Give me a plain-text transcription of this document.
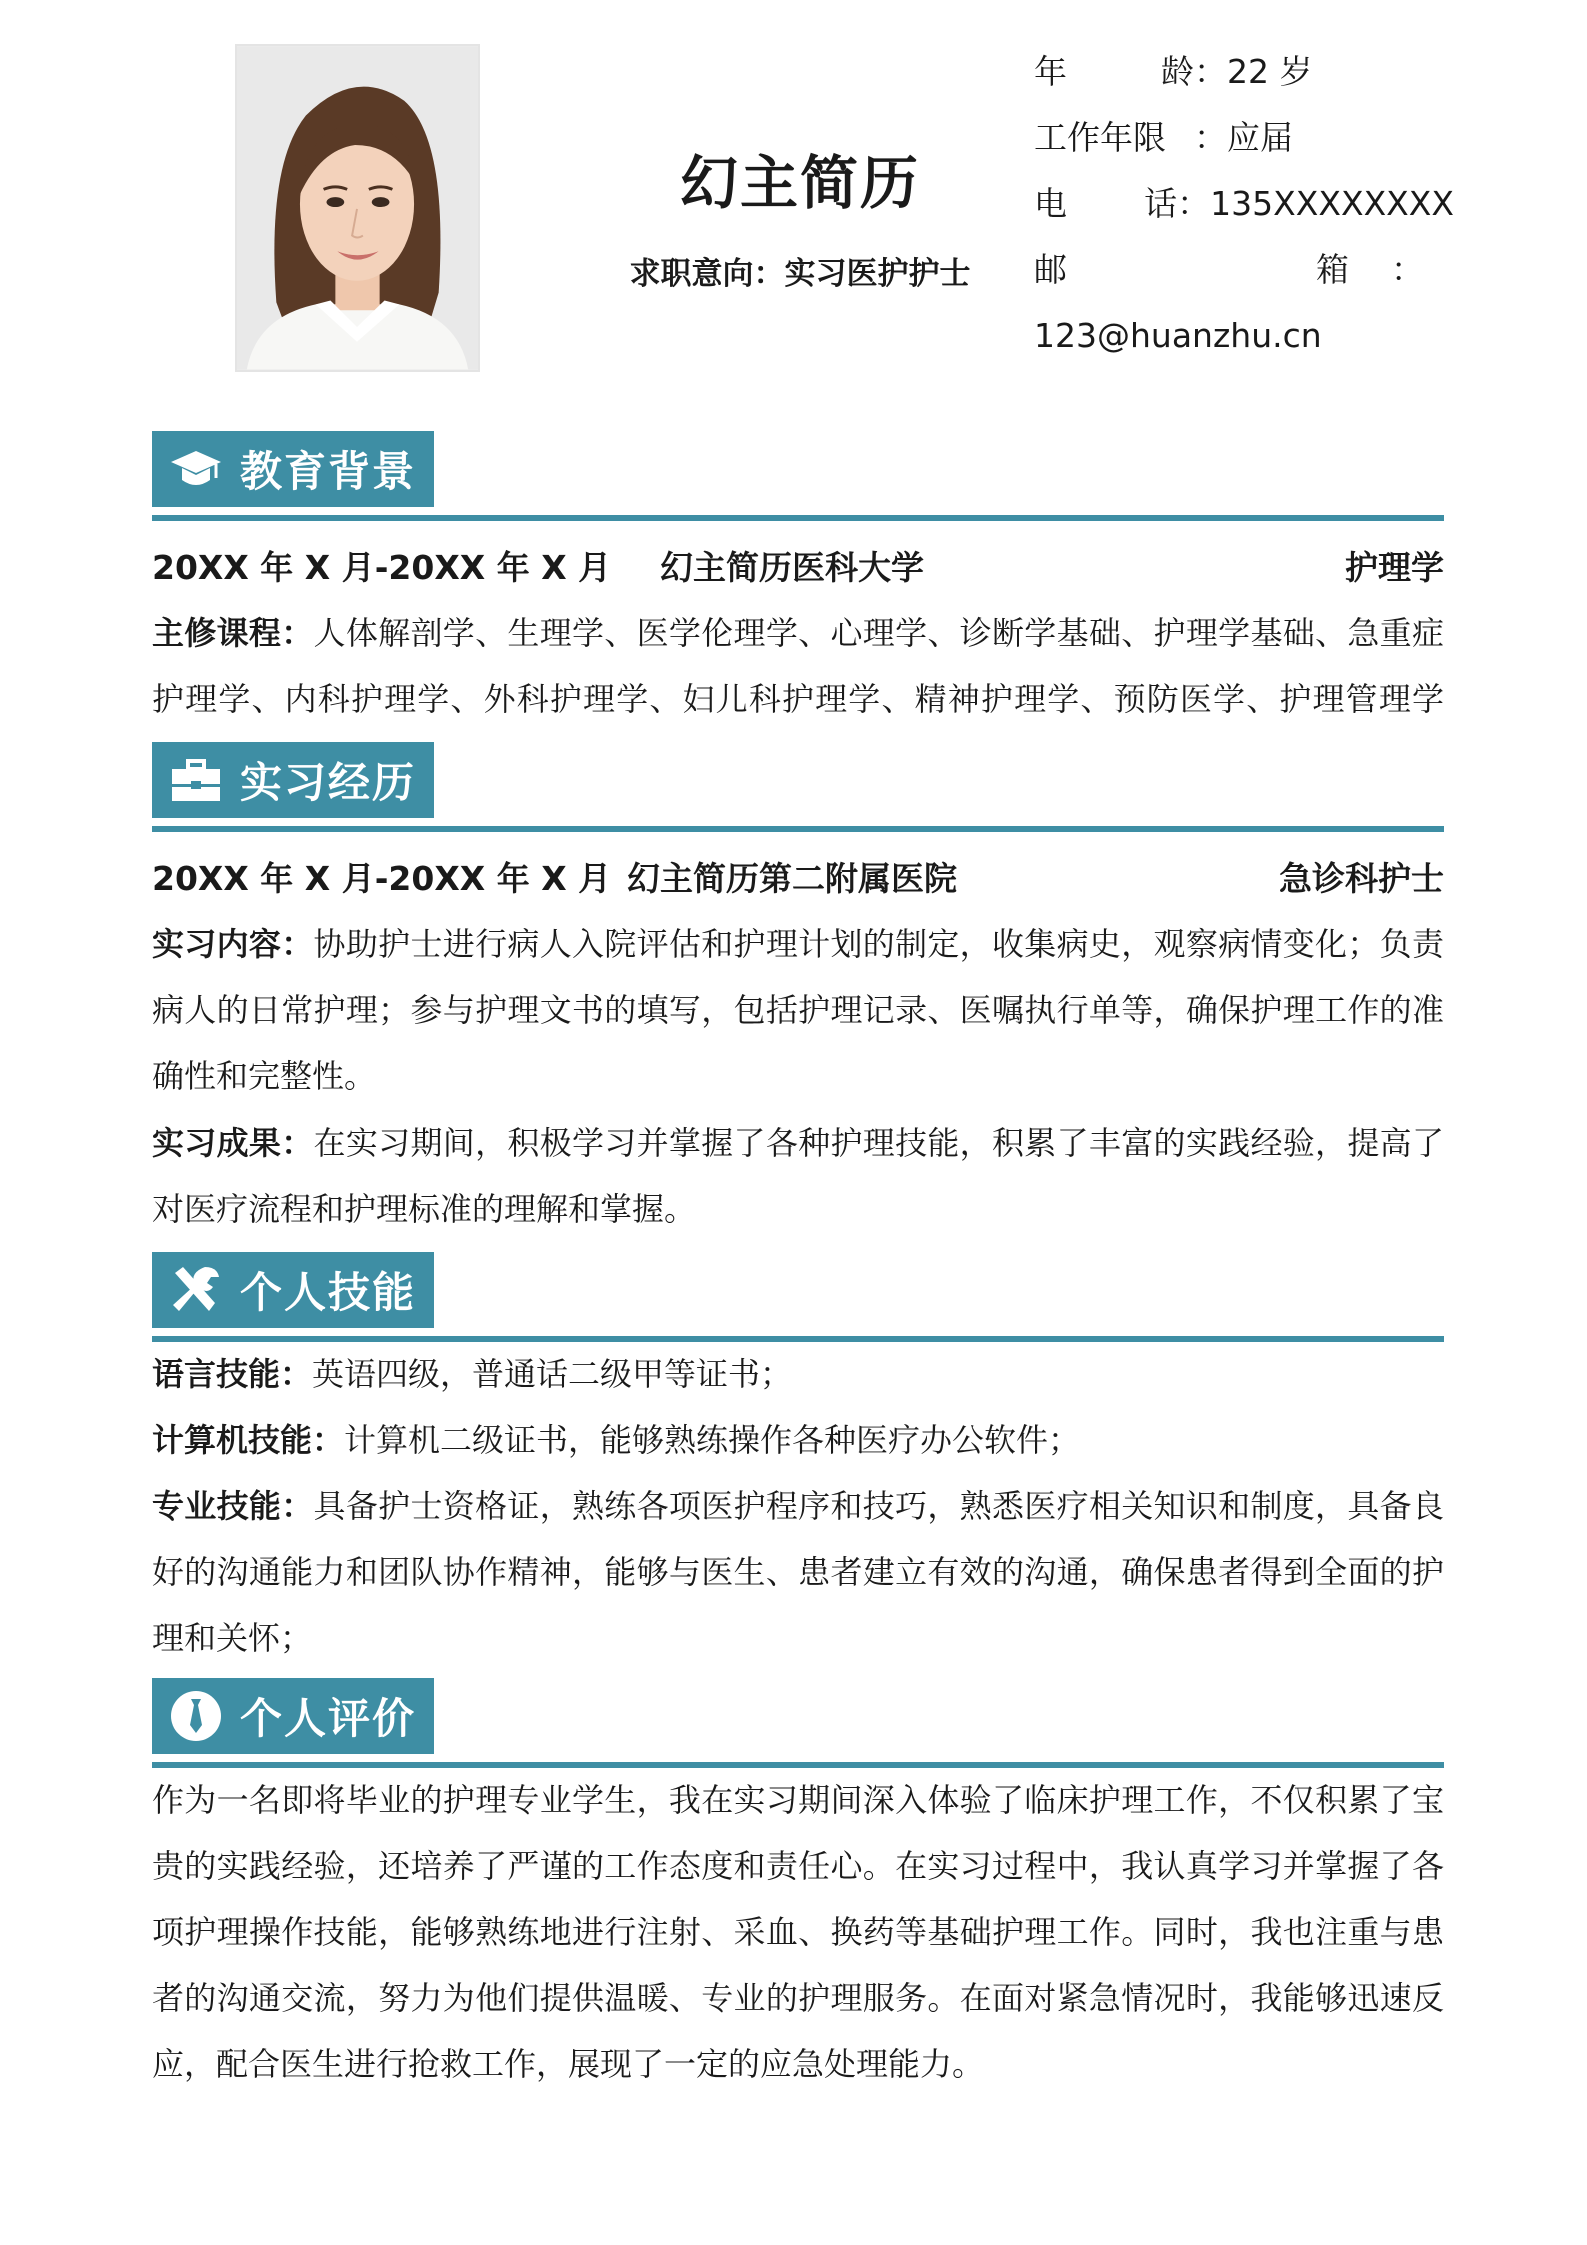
幻主简历
求职意向：实习医护护士
年	龄 ： 22 岁
工作年限 ： 应届
电 话 ： 135XXXXXXXX
邮	箱 ：
123@huanzhu.cn
教育背景
20XX 年 X 月-20XX 年 X 月	幻主简历医科大学	护理学
主修课程：人体解剖学、生理学、医学伦理学、心理学、诊断学基础、护理学基础、急重症护理学、内科护理学、外科护理学、妇儿科护理学、精神护理学、预防医学、护理管理学
实习经历
20XX 年 X 月-20XX 年 X 月 幻主简历第二附属医院	急诊科护士
实习内容：协助护士进行病人入院评估和护理计划的制定，收集病史，观察病情变化；负责病人的日常护理；参与护理文书的填写，包括护理记录、医嘱执行单等，确保护理工作的准确性和完整性。
实习成果：在实习期间，积极学习并掌握了各种护理技能，积累了丰富的实践经验，提高了对医疗流程和护理标准的理解和掌握。
个人技能
语言技能：英语四级，普通话二级甲等证书；
计算机技能：计算机二级证书，能够熟练操作各种医疗办公软件；
专业技能：具备护士资格证，熟练各项医护程序和技巧，熟悉医疗相关知识和制度，具备良好的沟通能力和团队协作精神，能够与医生、患者建立有效的沟通，确保患者得到全面的护理和关怀；
个人评价
作为一名即将毕业的护理专业学生，我在实习期间深入体验了临床护理工作，不仅积累了宝贵的实践经验，还培养了严谨的工作态度和责任心。在实习过程中，我认真学习并掌握了各项护理操作技能，能够熟练地进行注射、采血、换药等基础护理工作。同时，我也注重与患者的沟通交流，努力为他们提供温暖、专业的护理服务。在面对紧急情况时，我能够迅速反应，配合医生进行抢救工作，展现了一定的应急处理能力。
